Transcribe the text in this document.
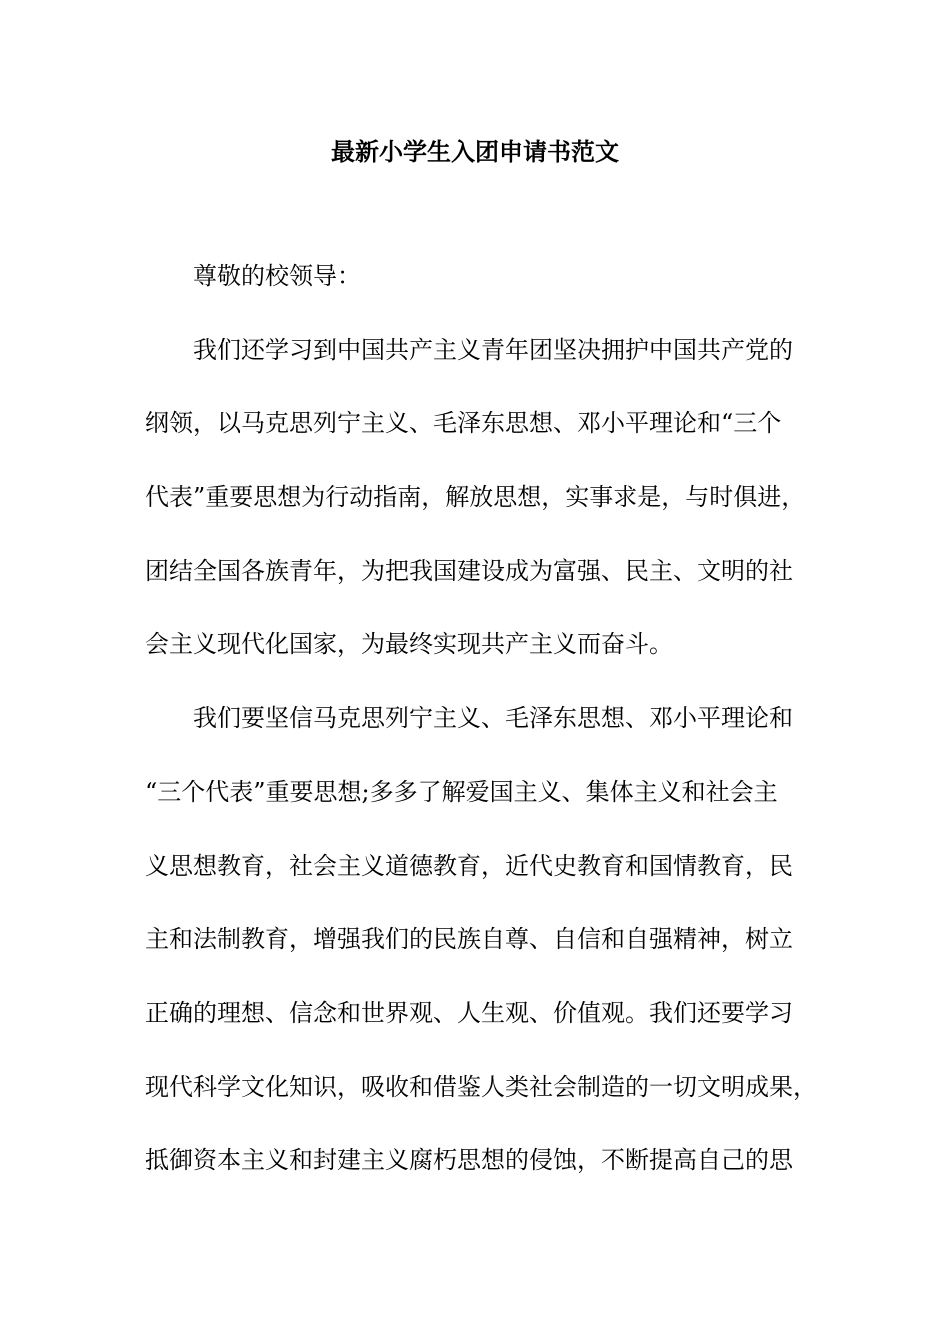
最新小学生入团申请书范文

尊敬的校领导：

我们还学习到中国共产主义青年团坚决拥护中国共产党的

纲领，以马克思列宁主义、毛泽东思想、邓小平理论和“三个

代表”重要思想为行动指南，解放思想，实事求是，与时俱进，

团结全国各族青年，为把我国建设成为富强、民主、文明的社

会主义现代化国家，为最终实现共产主义而奋斗。

我们要坚信马克思列宁主义、毛泽东思想、邓小平理论和

“三个代表”重要思想;多多了解爱国主义、集体主义和社会主

义思想教育，社会主义道德教育，近代史教育和国情教育，民

主和法制教育，增强我们的民族自尊、自信和自强精神，树立

正确的理想、信念和世界观、人生观、价值观。我们还要学习

现代科学文化知识，吸收和借鉴人类社会制造的一切文明成果，

抵御资本主义和封建主义腐朽思想的侵蚀，不断提高自己的思
